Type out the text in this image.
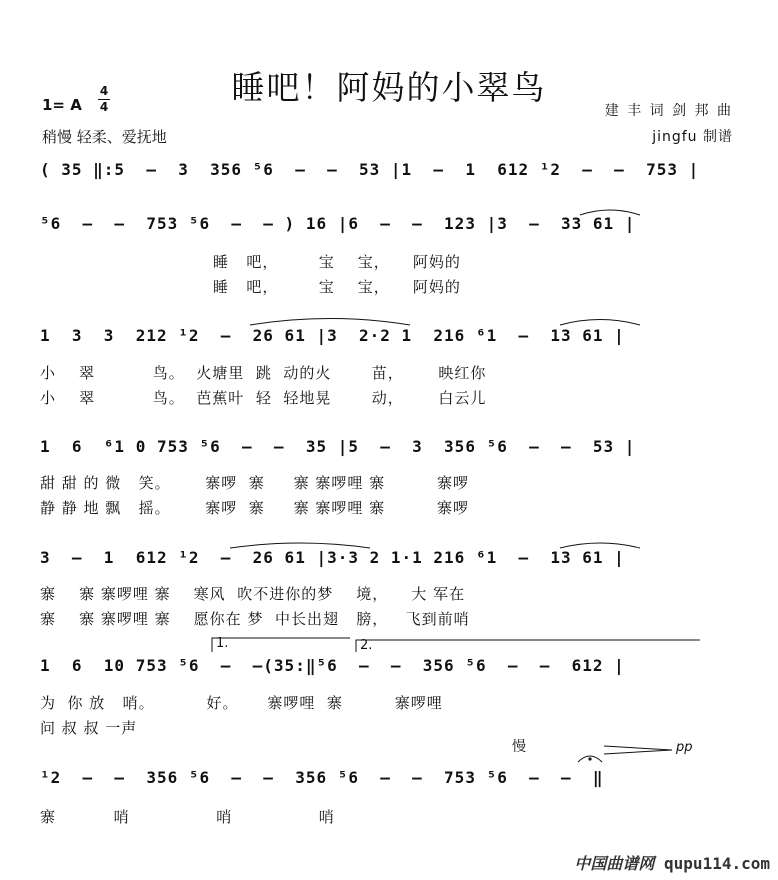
睡吧！阿妈的小翠鸟
1= A
4
4
稍慢 轻柔、爱抚地
建 丰 词 剑 邦 曲
jingfu 制谱
( 35 ‖:5  –  3  356 ⁵6  –  –  53 |1  –  1  612 ¹2  –  –  753 |
⁵6  –  –  753 ⁵6  –  – ) 16 |6  –  –  123 |3  –  33 61 |
睡   吧，       宝    宝，    阿妈的
睡   吧，       宝    宝，    阿妈的
1  3  3  212 ¹2  –  26 61 |3  2·2 1  216 ⁶1  –  13 61 |
小    翠          鸟。  火塘里  跳  动的火       苗，      映红你
小    翠          鸟。  芭蕉叶  轻  轻地晃       动，      白云儿
1  6  ⁶1 0 753 ⁵6  –  –  35 |5  –  3  356 ⁵6  –  –  53 |
甜 甜 的 微   笑。      寨啰  寨     寨 寨啰哩 寨         寨啰
静 静 地 飘   摇。      寨啰  寨     寨 寨啰哩 寨         寨啰
3  –  1  612 ¹2  –  26 61 |3·3 2 1·1 216 ⁶1  –  13 61 |
寨    寨 寨啰哩 寨    寒风  吹不进你的梦    境，    大 军在
寨    寨 寨啰哩 寨    愿你在 梦  中长出翅   膀，   飞到前哨
1.	2.
1  6  10 753 ⁵6  –  –(35:‖⁵6  –  –  356 ⁵6  –  –  612 |
为  你 放   哨。         好。     寨啰哩  寨         寨啰哩
问 叔 叔 一声
慢	pp
¹2  –  –  356 ⁵6  –  –  356 ⁵6  –  –  753 ⁵6  –  –  ‖
寨          哨               哨               哨
中国曲谱网 qupu114.com
